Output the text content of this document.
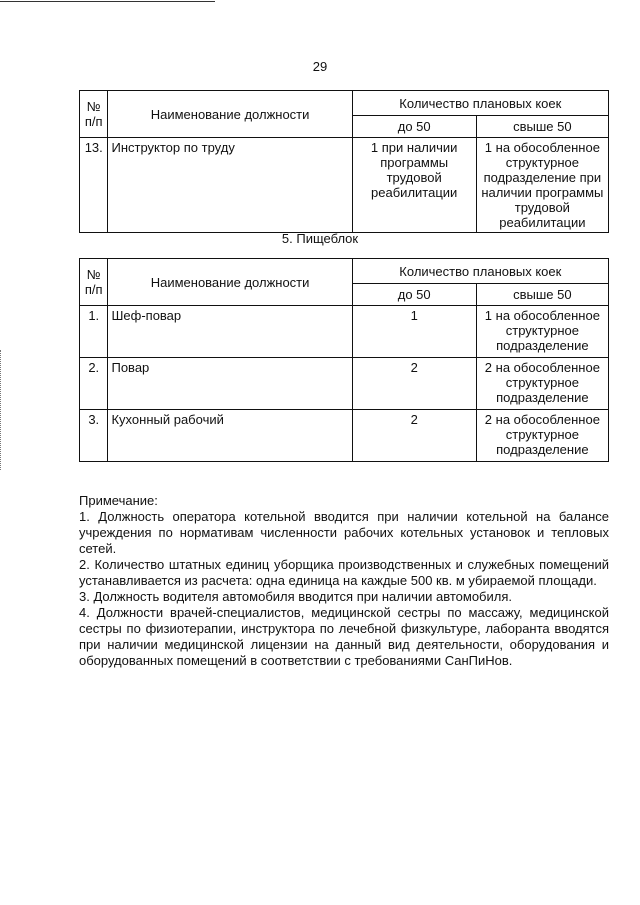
29
№ п/п	Наименование должности	Количество плановых коек	
		до 50	свыше 50
13.	Инструктор по труду	1 при наличии программы трудовой реабилитации	1 на обособленное структурное подразделение при наличии программы трудовой реабилитации
5. Пищеблок
№ п/п	Наименование должности	Количество плановых коек	
		до 50	свыше 50
1.	Шеф-повар	1	1 на обособленное структурное подразделение
2.	Повар	2	2 на обособленное структурное подразделение
3.	Кухонный рабочий	2	2 на обособленное структурное подразделение

Примечание:

1. Должность оператора котельной вводится при наличии котельной на балансе учреждения по нормативам численности рабочих котельных установок и тепловых сетей.

2. Количество штатных единиц уборщика производственных и служебных помещений устанавливается из расчета: одна единица на каждые 500 кв. м убираемой площади.

3. Должность водителя автомобиля вводится при наличии автомобиля.

4. Должности врачей-специалистов, медицинской сестры по массажу, медицинской сестры по физиотерапии, инструктора по лечебной физкультуре, лаборанта вводятся при наличии медицинской лицензии на данный вид деятельности, оборудования и оборудованных помещений в соответствии с требованиями СанПиНов.
